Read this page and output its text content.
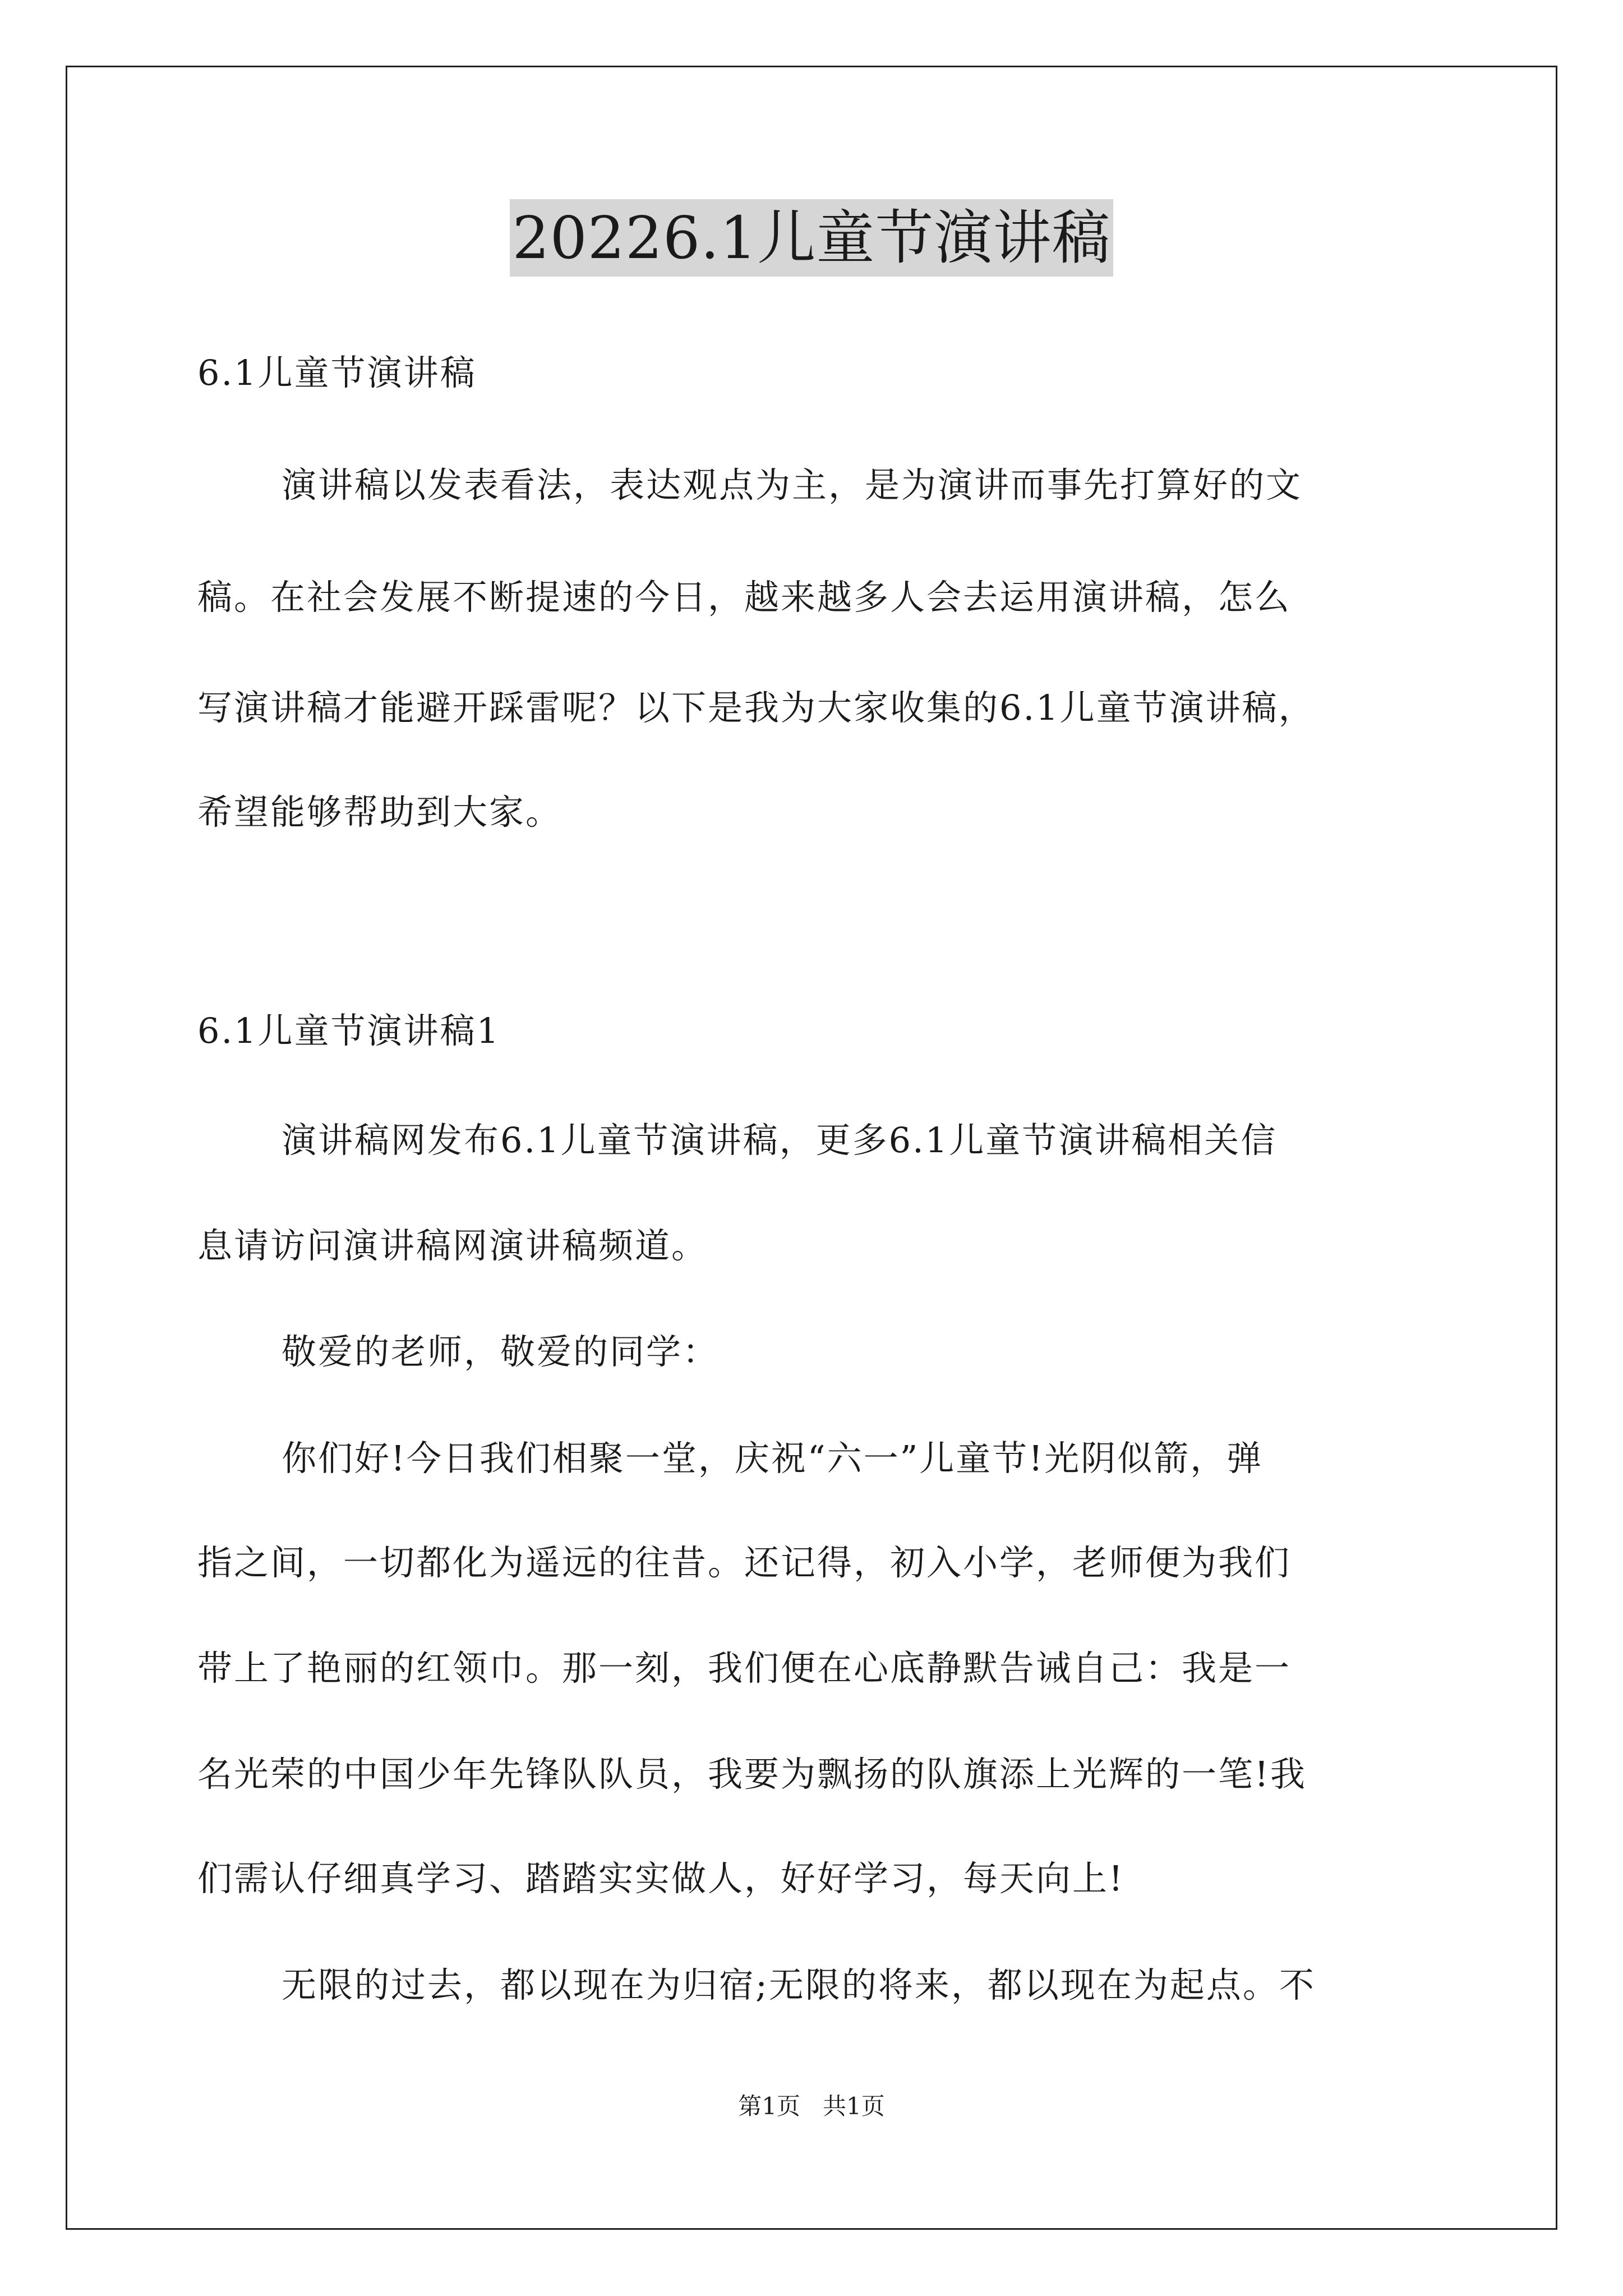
20226.1儿童节演讲稿
6.1儿童节演讲稿
演讲稿以发表看法，表达观点为主，是为演讲而事先打算好的文
稿。在社会发展不断提速的今日，越来越多人会去运用演讲稿，怎么
写演讲稿才能避开踩雷呢？以下是我为大家收集的6.1儿童节演讲稿，
希望能够帮助到大家。
6.1儿童节演讲稿1
演讲稿网发布6.1儿童节演讲稿，更多6.1儿童节演讲稿相关信
息请访问演讲稿网演讲稿频道。
敬爱的老师，敬爱的同学：
你们好!今日我们相聚一堂，庆祝“六一”儿童节!光阴似箭，弹
指之间，一切都化为遥远的往昔。还记得，初入小学，老师便为我们
带上了艳丽的红领巾。那一刻，我们便在心底静默告诫自己：我是一
名光荣的中国少年先锋队队员，我要为飘扬的队旗添上光辉的一笔!我
们需认仔细真学习、踏踏实实做人，好好学习，每天向上!
无限的过去，都以现在为归宿;无限的将来，都以现在为起点。不
第1页   共1页
